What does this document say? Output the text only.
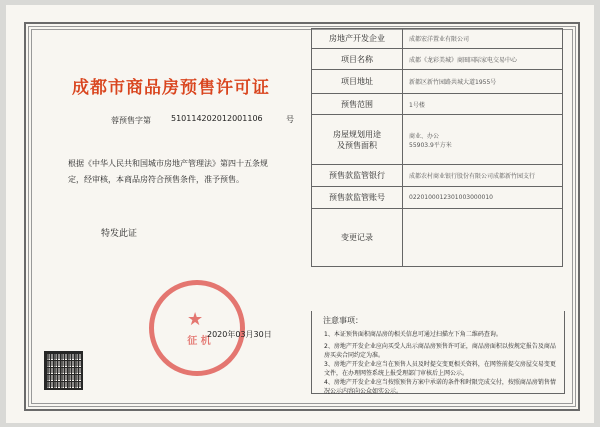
成都市商品房预售许可证
蓉预售字第	510114202012001106	号
根据《中华人民共和国城市房地产管理法》第四十五条规定，经审核，本商品房符合预售条件，准予预售。
特发此证
★
征 机
2020年03月30日
房地产开发企业	成都宏洋置业有限公司
项目名称	成都《龙彩美城》商圈国际家电交易中心
项目地址	新都区新竹园路共城大道1955号
预售范围	1号楼
房屋规划用途
及预售面积	商业、办公
55903.9平方米
预售款监管银行	成都农村商业银行股份有限公司成都新竹园支行
预售款监管账号	0220100012301003000010
变更记录	
注意事项：
1、本证预售面积商品房的相关信息可通过扫描左下角二维码查询。
2、房地产开发企业应向买受人出示商品房预售许可证，商品房面积以按规定报告及商品房买卖合同约定为准。
3、房地产开发企业应当在预售人员及时提交变更相关资料，在网签前提交房屋交易变更文件，在办理网签系统上报受理部门审核后上网公示。
4、房地产开发企业应当按照预售方案中承诺的条件和时限完成交付，按照商品房销售情况公示内容向公众如实公示。
